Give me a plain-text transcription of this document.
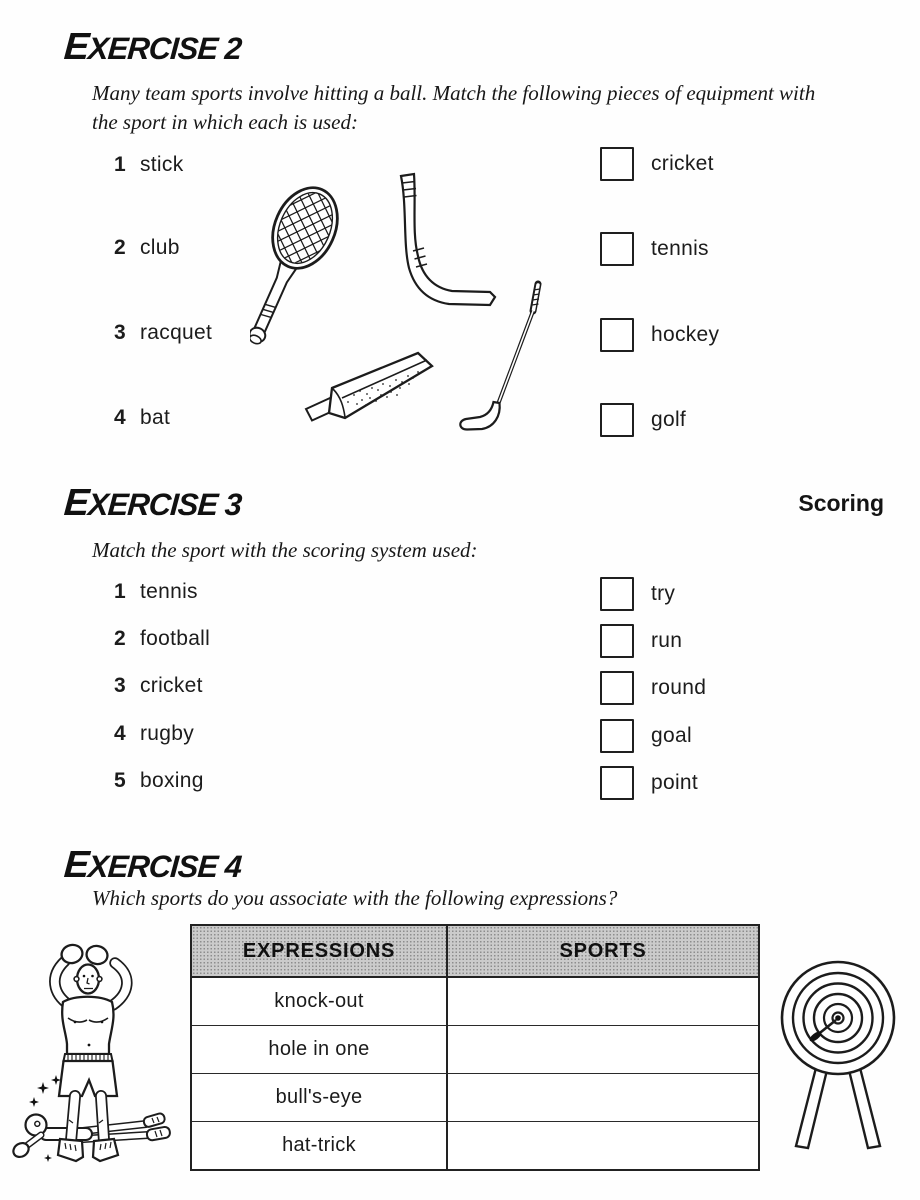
EXERCISE 2
Many team sports involve hitting a ball. Match the following pieces of equipment with
the sport in which each is used:
1 stick
2 club
3 racquet
4 bat
cricket
tennis
hockey
golf
EXERCISE 3	Scoring
Match the sport with the scoring system used:
1 tennis
2 football
3 cricket
4 rugby
5 boxing
try
run
round
goal
point
EXERCISE 4
Which sports do you associate with the following expressions?
EXPRESSIONS	SPORTS
knock-out
hole in one
bull's-eye
hat-trick
